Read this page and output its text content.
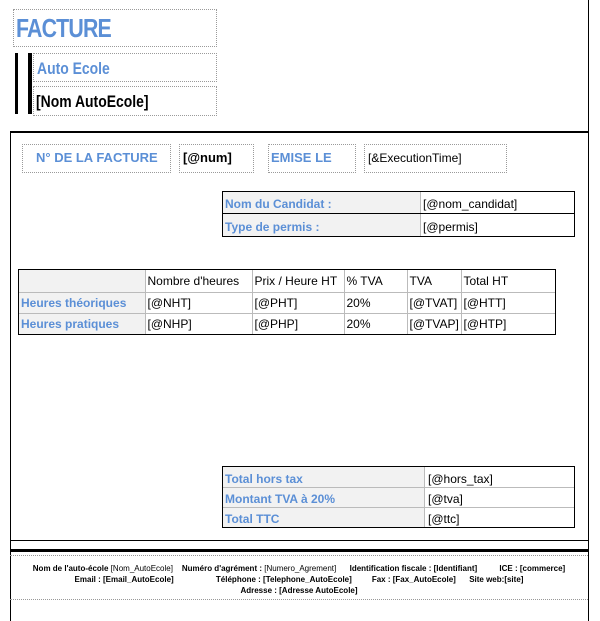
FACTURE
Auto Ecole
[Nom AutoEcole]
N° DE LA FACTURE	[@num]	EMISE LE	[&ExecutionTime]
Nom du Candidat :	[@nom_candidat]
Type de permis :	[@permis]
	Nombre d'heures	Prix / Heure HT	% TVA	TVA	Total HT
Heures théoriques	[@NHT]	[@PHT]	20%	[@TVAT]	[@HTT]
Heures pratiques	[@NHP]	[@PHP]	20%	[@TVAP]	[@HTP]
Total hors tax	[@hors_tax]
Montant TVA à 20%	[@tva]
Total TTC	[@ttc]
Nom de l'auto-école [Nom_AutoEcole] Numéro d'agrément : [Numero_Agrement] Identification fiscale : [Identifiant]	ICE : [commerce]
Email : [Email_AutoEcole]	Téléphone : [Telephone_AutoEcole]	Fax : [Fax_AutoEcole] Site web:[site]
Adresse : [Adresse AutoEcole]
